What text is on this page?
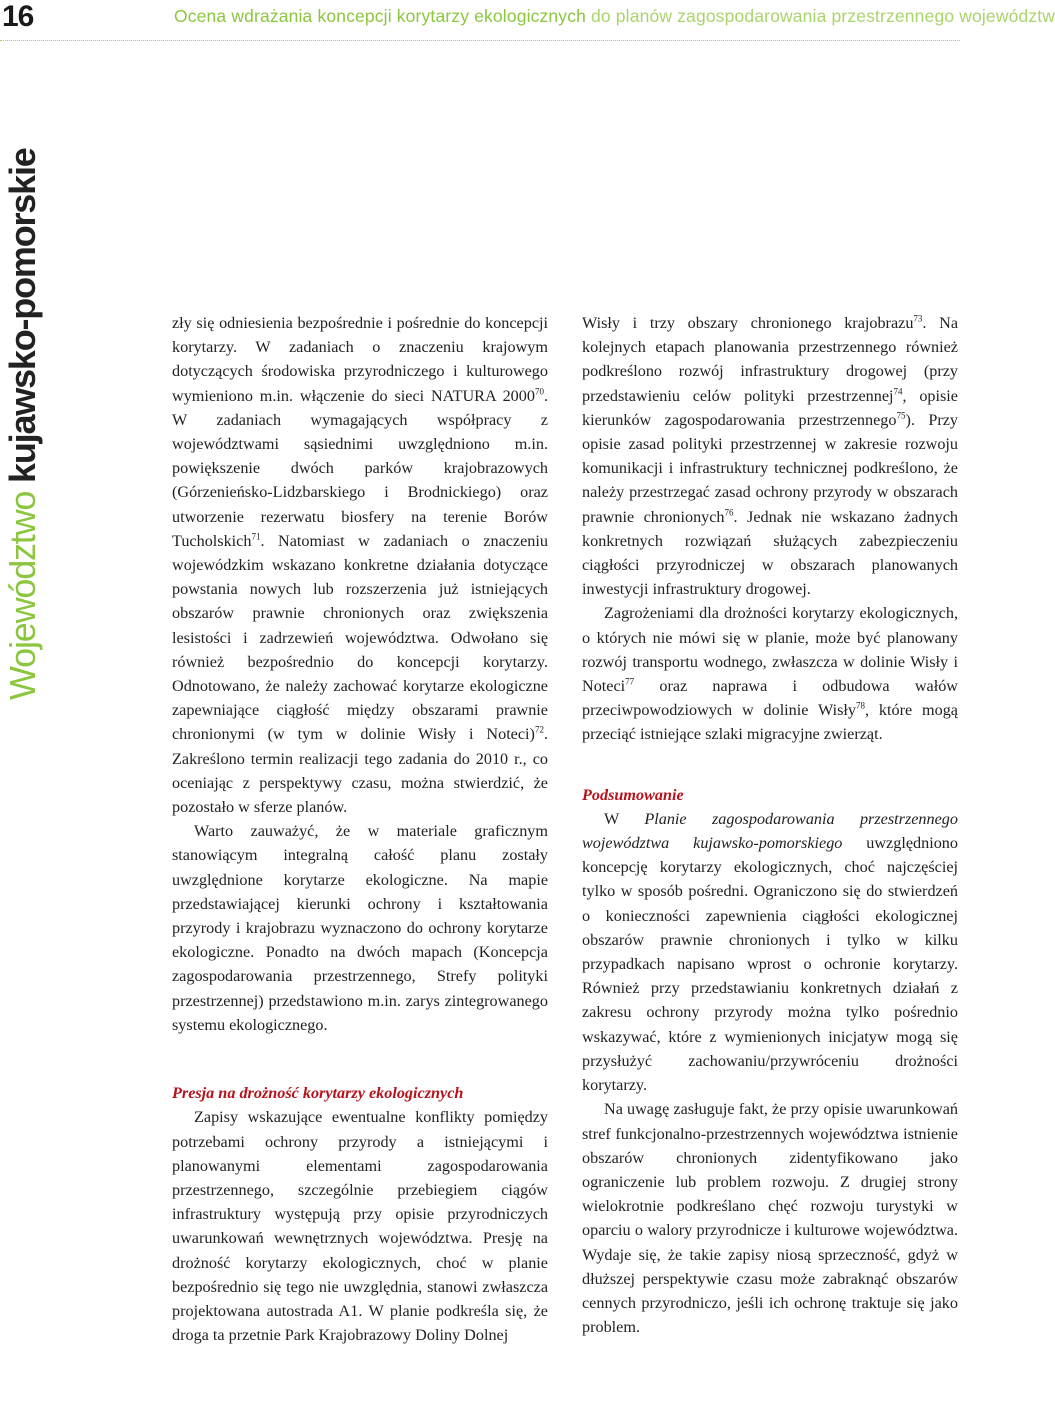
16	Ocena wdrażania koncepcji korytarzy ekologicznych do planów zagospodarowania przestrzennego województw
Województwo kujawsko-pomorskie	zły się odniesienia bezpośrednie i pośrednie do koncepcji korytarzy. W zadaniach o znaczeniu krajowym dotyczących środowiska przyrodniczego i kulturowego wymieniono m.in. włączenie do sieci NATURA 2000$^{70}$. W zadaniach wymagających współpracy z województwami sąsiednimi uwzględniono m.in. powiększenie dwóch parków krajobrazowych (Górzenieńsko-Lidzbarskiego i Brodnickiego) oraz utworzenie rezerwatu biosfery na terenie Borów Tucholskich$^{71}$. Natomiast w zadaniach o znaczeniu wojewódzkim wskazano konkretne działania dotyczące powstania nowych lub rozszerzenia już istniejących obszarów prawnie chronionych oraz zwiększenia lesistości i zadrzewień województwa. Odwołano się również bezpośrednio do koncepcji korytarzy. Odnotowano, że należy zachować korytarze ekologiczne zapewniające ciągłość między obszarami prawnie chronionymi (w tym w dolinie Wisły i Noteci)$^{72}$. Zakreślono termin realizacji tego zadania do 2010 r., co oceniając z perspektywy czasu, można stwierdzić, że pozostało w sferze planów.

Warto zauważyć, że w materiale graficznym stanowiącym integralną całość planu zostały uwzględnione korytarze ekologiczne. Na mapie przedstawiającej kierunki ochrony i kształtowania przyrody i krajobrazu wyznaczono do ochrony korytarze ekologiczne. Ponadto na dwóch mapach (Koncepcja zagospodarowania przestrzennego, Strefy polityki przestrzennej) przedstawiono m.in. zarys zintegrowanego systemu ekologicznego.

Presja na drożność korytarzy ekologicznych

Zapisy wskazujące ewentualne konflikty pomiędzy potrzebami ochrony przyrody a istniejącymi i planowanymi elementami zagospodarowania przestrzennego, szczególnie przebiegiem ciągów infrastruktury występują przy opisie przyrodniczych uwarunkowań wewnętrznych województwa. Presję na drożność korytarzy ekologicznych, choć w planie bezpośrednio się tego nie uwzględnia, stanowi zwłaszcza projektowana autostrada A1. W planie podkreśla się, że droga ta przetnie Park Krajobrazowy Doliny Dolnej

Wisły i trzy obszary chronionego krajobrazu$^{73}$. Na kolejnych etapach planowania przestrzennego również podkreślono rozwój infrastruktury drogowej (przy przedstawieniu celów polityki przestrzennej$^{74}$, opisie kierunków zagospodarowania przestrzennego$^{75}$). Przy opisie zasad polityki przestrzennej w zakresie rozwoju komunikacji i infrastruktury technicznej podkreślono, że należy przestrzegać zasad ochrony przyrody w obszarach prawnie chronionych$^{76}$. Jednak nie wskazano żadnych konkretnych rozwiązań służących zabezpieczeniu ciągłości przyrodniczej w obszarach planowanych inwestycji infrastruktury drogowej.

Zagrożeniami dla drożności korytarzy ekologicznych, o których nie mówi się w planie, może być planowany rozwój transportu wodnego, zwłaszcza w dolinie Wisły i Noteci$^{77}$ oraz naprawa i odbudowa wałów przeciwpowodziowych w dolinie Wisły$^{78}$, które mogą przeciąć istniejące szlaki migracyjne zwierząt.

Podsumowanie

W Planie zagospodarowania przestrzennego województwa kujawsko-pomorskiego uwzględniono koncepcję korytarzy ekologicznych, choć najczęściej tylko w sposób pośredni. Ograniczono się do stwierdzeń o konieczności zapewnienia ciągłości ekologicznej obszarów prawnie chronionych i tylko w kilku przypadkach napisano wprost o ochronie korytarzy. Również przy przedstawianiu konkretnych działań z zakresu ochrony przyrody można tylko pośrednio wskazywać, które z wymienionych inicjatyw mogą się przysłużyć zachowaniu/przywróceniu drożności korytarzy.

Na uwagę zasługuje fakt, że przy opisie uwarunkowań stref funkcjonalno-przestrzennych województwa istnienie obszarów chronionych zidentyfikowano jako ograniczenie lub problem rozwoju. Z drugiej strony wielokrotnie podkreślano chęć rozwoju turystyki w oparciu o walory przyrodnicze i kulturowe województwa. Wydaje się, że takie zapisy niosą sprzeczność, gdyż w dłuższej perspektywie czasu może zabraknąć obszarów cennych przyrodniczo, jeśli ich ochronę traktuje się jako problem.
